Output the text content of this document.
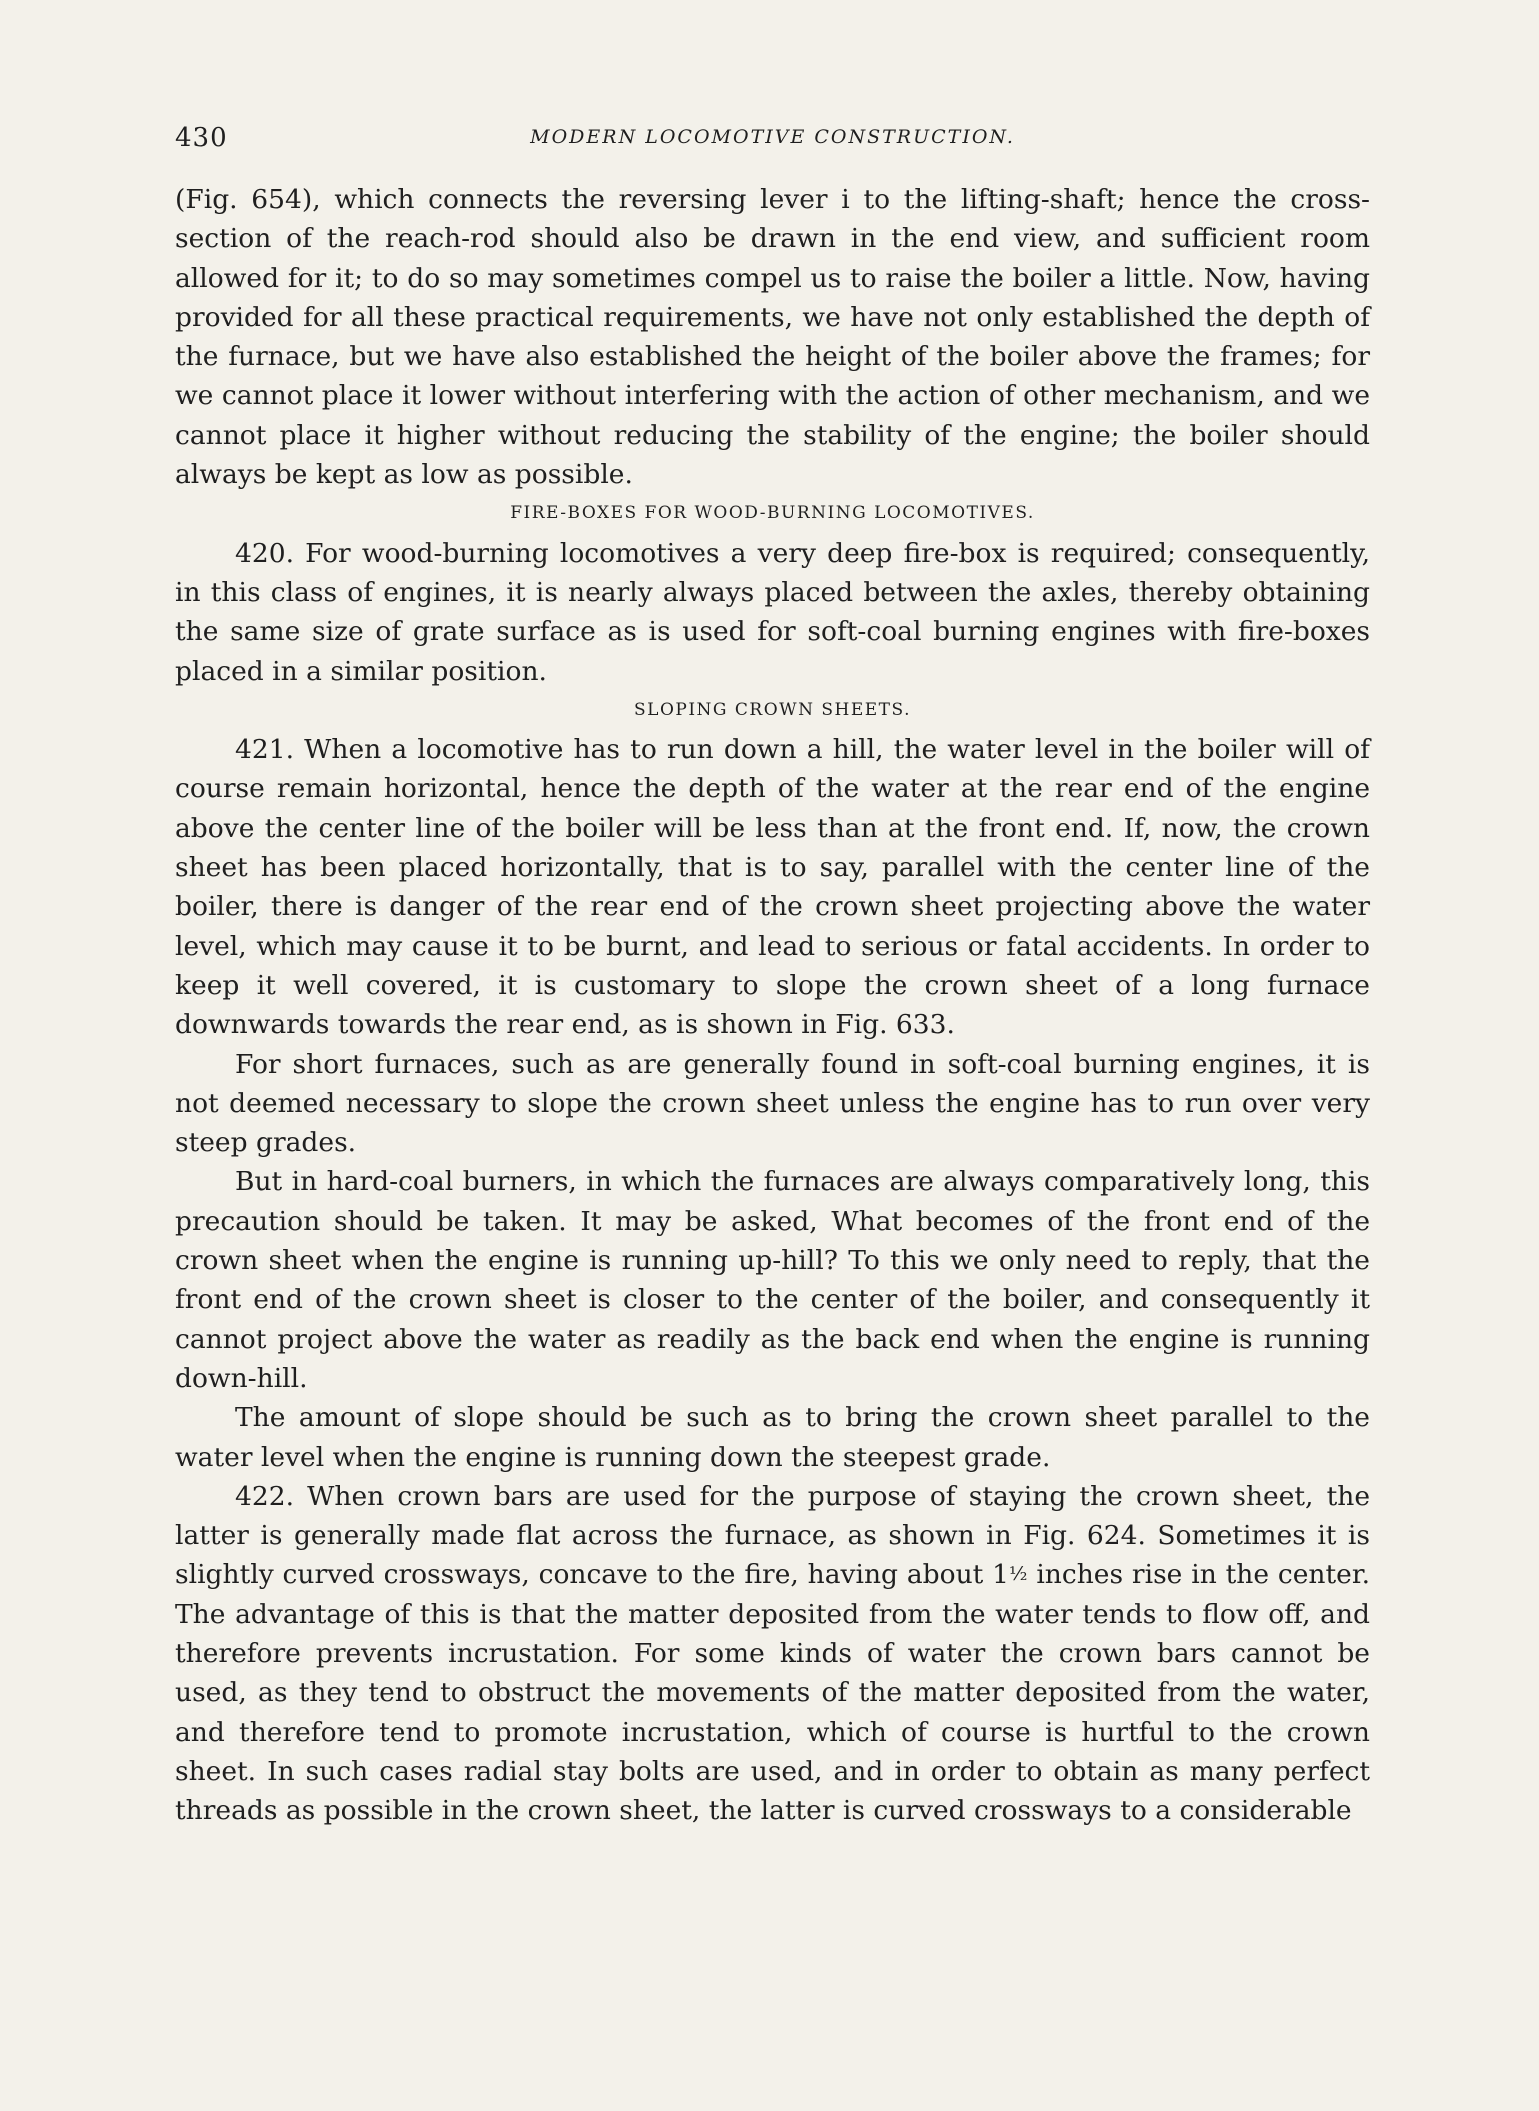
430	MODERN LOCOMOTIVE CONSTRUCTION.

(Fig. 654), which connects the reversing lever i to the lifting-shaft; hence the cross-section of the reach-rod should also be drawn in the end view, and sufficient room allowed for it; to do so may sometimes compel us to raise the boiler a little. Now, having provided for all these practical requirements, we have not only established the depth of the furnace, but we have also established the height of the boiler above the frames; for we cannot place it lower without interfering with the action of other mechanism, and we cannot place it higher without reducing the stability of the engine; the boiler should always be kept as low as possible.

FIRE-BOXES FOR WOOD-BURNING LOCOMOTIVES.

420. For wood-burning locomotives a very deep fire-box is required; consequently, in this class of engines, it is nearly always placed between the axles, thereby obtaining the same size of grate surface as is used for soft-coal burning engines with fire-boxes placed in a similar position.

SLOPING CROWN SHEETS.

421. When a locomotive has to run down a hill, the water level in the boiler will of course remain horizontal, hence the depth of the water at the rear end of the engine above the center line of the boiler will be less than at the front end. If, now, the crown sheet has been placed horizontally, that is to say, parallel with the center line of the boiler, there is danger of the rear end of the crown sheet projecting above the water level, which may cause it to be burnt, and lead to serious or fatal accidents. In order to keep it well covered, it is customary to slope the crown sheet of a long furnace downwards towards the rear end, as is shown in Fig. 633.

For short furnaces, such as are generally found in soft-coal burning engines, it is not deemed necessary to slope the crown sheet unless the engine has to run over very steep grades.

But in hard-coal burners, in which the furnaces are always comparatively long, this precaution should be taken. It may be asked, What becomes of the front end of the crown sheet when the engine is running up-hill? To this we only need to reply, that the front end of the crown sheet is closer to the center of the boiler, and consequently it cannot project above the water as readily as the back end when the engine is running down-hill.

The amount of slope should be such as to bring the crown sheet parallel to the water level when the engine is running down the steepest grade.

422. When crown bars are used for the purpose of staying the crown sheet, the latter is generally made flat across the furnace, as shown in Fig. 624. Sometimes it is slightly curved crossways, concave to the fire, having about 1½ inches rise in the center. The advantage of this is that the matter deposited from the water tends to flow off, and therefore prevents incrustation. For some kinds of water the crown bars cannot be used, as they tend to obstruct the movements of the matter deposited from the water, and therefore tend to promote incrustation, which of course is hurtful to the crown sheet. In such cases radial stay bolts are used, and in order to obtain as many perfect threads as possible in the crown sheet, the latter is curved crossways to a considerable
